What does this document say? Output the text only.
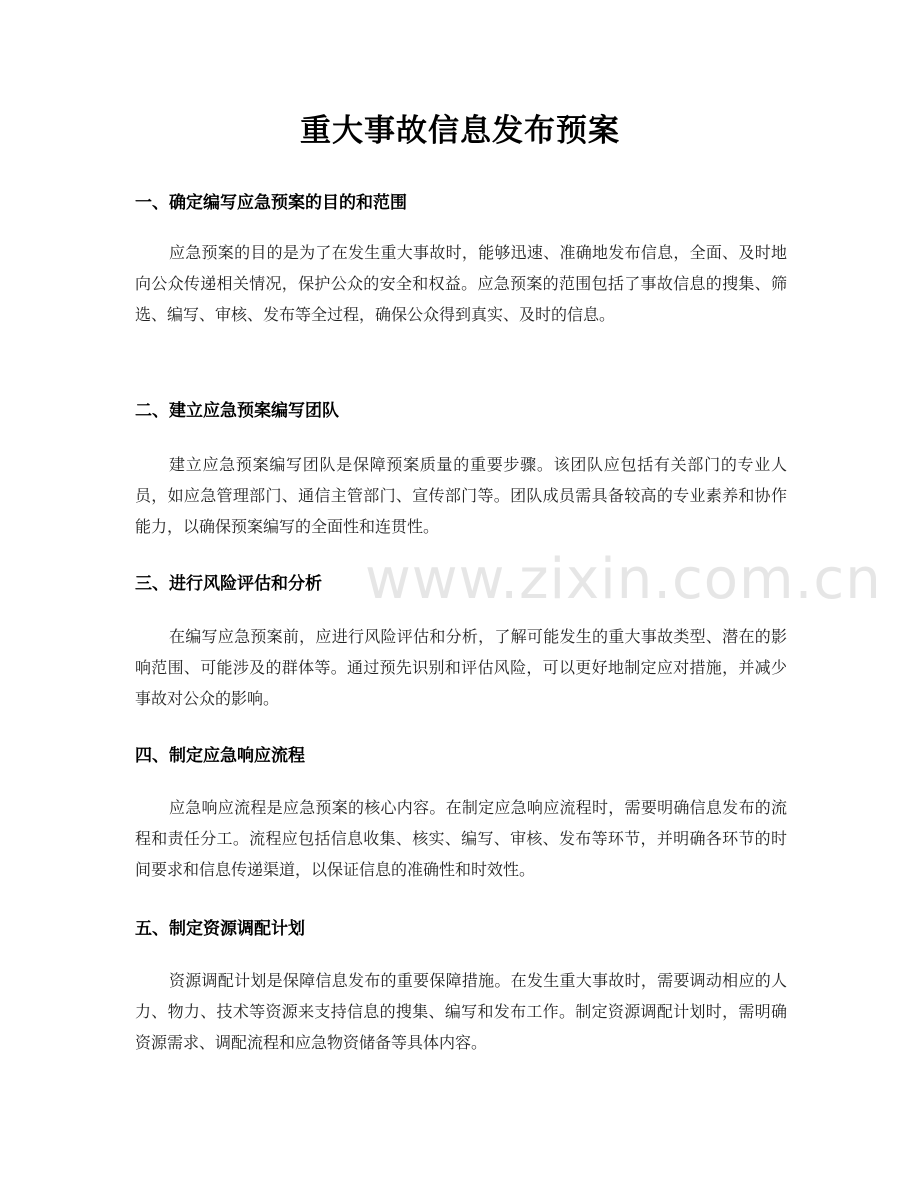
www.zixin.com.cn
重大事故信息发布预案
一、确定编写应急预案的目的和范围
应急预案的目的是为了在发生重大事故时，能够迅速、准确地发布信息，全面、及时地向公众传递相关情况，保护公众的安全和权益。应急预案的范围包括了事故信息的搜集、筛选、编写、审核、发布等全过程，确保公众得到真实、及时的信息。
二、建立应急预案编写团队
建立应急预案编写团队是保障预案质量的重要步骤。该团队应包括有关部门的专业人员，如应急管理部门、通信主管部门、宣传部门等。团队成员需具备较高的专业素养和协作能力，以确保预案编写的全面性和连贯性。
三、进行风险评估和分析
在编写应急预案前，应进行风险评估和分析，了解可能发生的重大事故类型、潜在的影响范围、可能涉及的群体等。通过预先识别和评估风险，可以更好地制定应对措施，并减少事故对公众的影响。
四、制定应急响应流程
应急响应流程是应急预案的核心内容。在制定应急响应流程时，需要明确信息发布的流程和责任分工。流程应包括信息收集、核实、编写、审核、发布等环节，并明确各环节的时间要求和信息传递渠道，以保证信息的准确性和时效性。
五、制定资源调配计划
资源调配计划是保障信息发布的重要保障措施。在发生重大事故时，需要调动相应的人力、物力、技术等资源来支持信息的搜集、编写和发布工作。制定资源调配计划时，需明确资源需求、调配流程和应急物资储备等具体内容。
